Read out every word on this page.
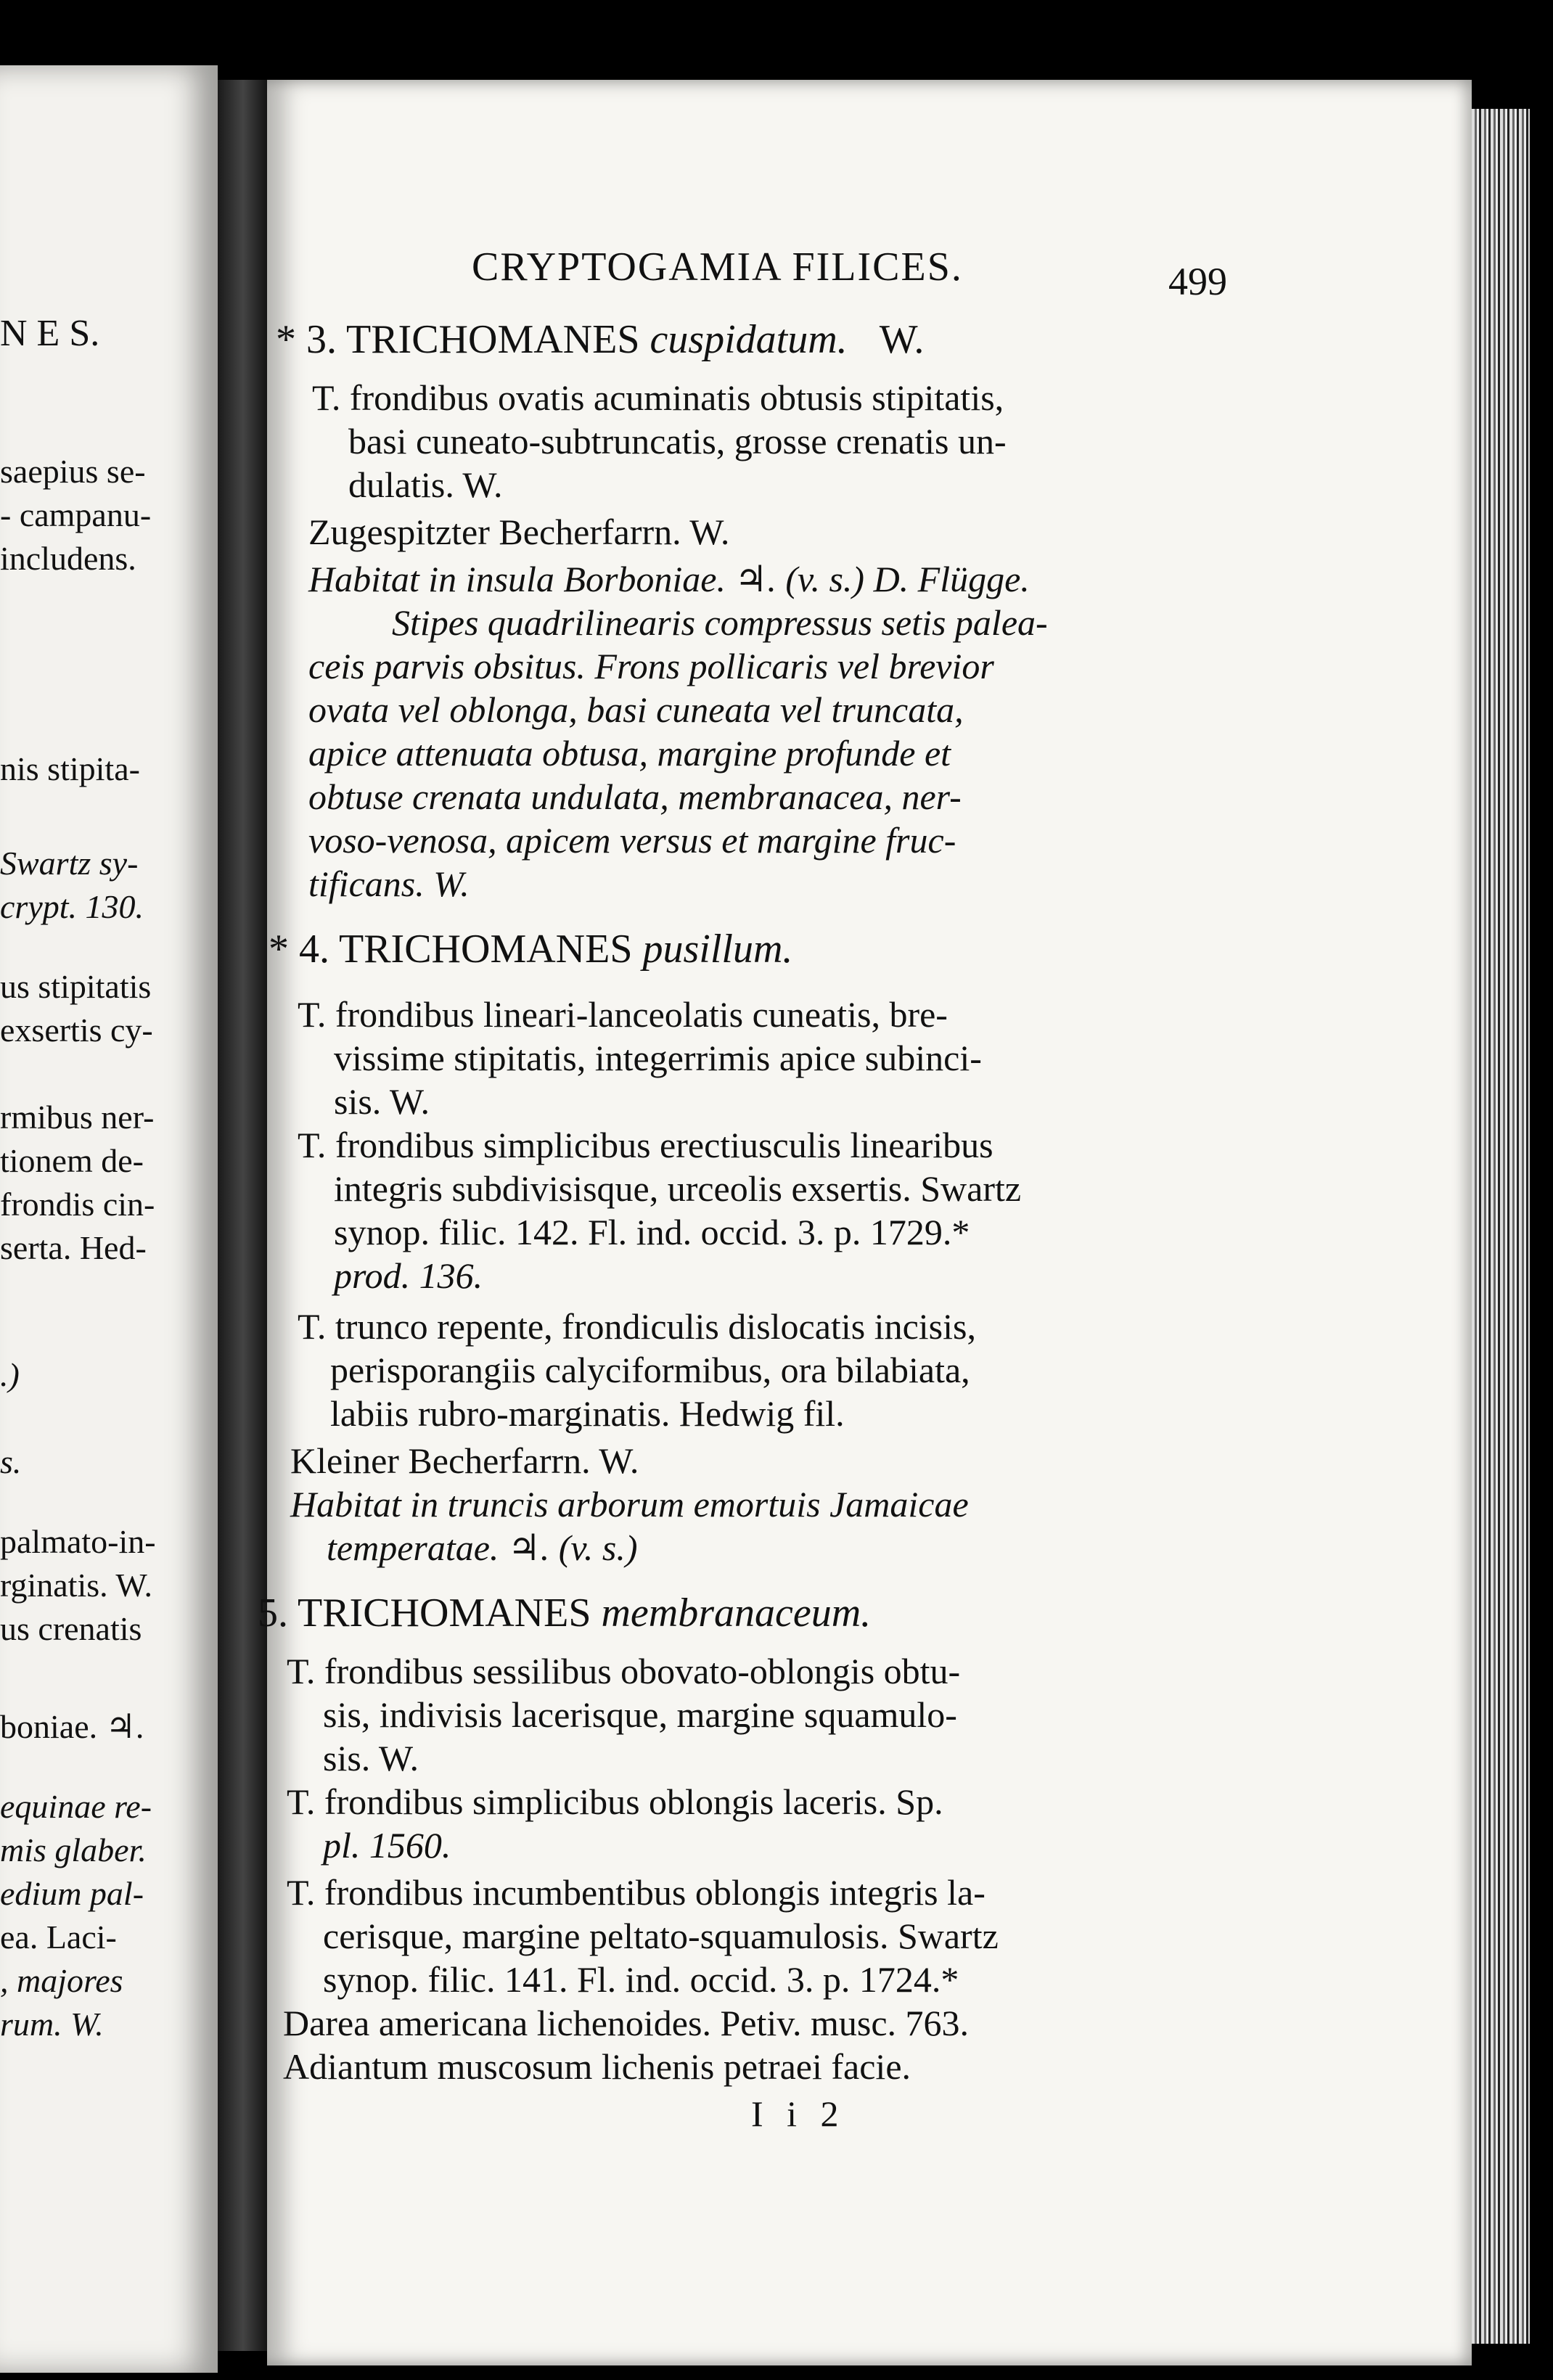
N E S.
saepius se-
- campanu-
includens.
nis stipita-
Swartz sy-
crypt. 130.
us stipitatis
exsertis cy-
rmibus ner-
tionem de-
frondis cin-
serta. Hed-
.)
s.
palmato-in-
rginatis. W.
us crenatis
boniae. ♃.
equinae re-
mis glaber.
edium pal-
ea. Laci-
, majores
rum. W.
CRYPTOGAMIA FILICES.	499
* 3. TRICHOMANES cuspidatum. W.
T. frondibus ovatis acuminatis obtusis stipitatis,
basi cuneato-subtruncatis, grosse crenatis un-
dulatis. W.
Zugespitzter Becherfarrn. W.
Habitat in insula Borboniae. ♃. (v. s.) D. Flügge.
Stipes quadrilinearis compressus setis palea-
ceis parvis obsitus. Frons pollicaris vel brevior
ovata vel oblonga, basi cuneata vel truncata,
apice attenuata obtusa, margine profunde et
obtuse crenata undulata, membranacea, ner-
voso-venosa, apicem versus et margine fruc-
tificans. W.
* 4. TRICHOMANES pusillum.
T. frondibus lineari-lanceolatis cuneatis, bre-
vissime stipitatis, integerrimis apice subinci-
sis. W.
T. frondibus simplicibus erectiusculis linearibus
integris subdivisisque, urceolis exsertis. Swartz
synop. filic. 142. Fl. ind. occid. 3. p. 1729.*
prod. 136.
T. trunco repente, frondiculis dislocatis incisis,
perisporangiis calyciformibus, ora bilabiata,
labiis rubro-marginatis. Hedwig fil.
Kleiner Becherfarrn. W.
Habitat in truncis arborum emortuis Jamaicae
temperatae. ♃. (v. s.)
5. TRICHOMANES membranaceum.
T. frondibus sessilibus obovato-oblongis obtu-
sis, indivisis lacerisque, margine squamulo-
sis. W.
T. frondibus simplicibus oblongis laceris. Sp.
pl. 1560.
T. frondibus incumbentibus oblongis integris la-
cerisque, margine peltato-squamulosis. Swartz
synop. filic. 141. Fl. ind. occid. 3. p. 1724.*
Darea americana lichenoides. Petiv. musc. 763.
Adiantum muscosum lichenis petraei facie.
I i 2
